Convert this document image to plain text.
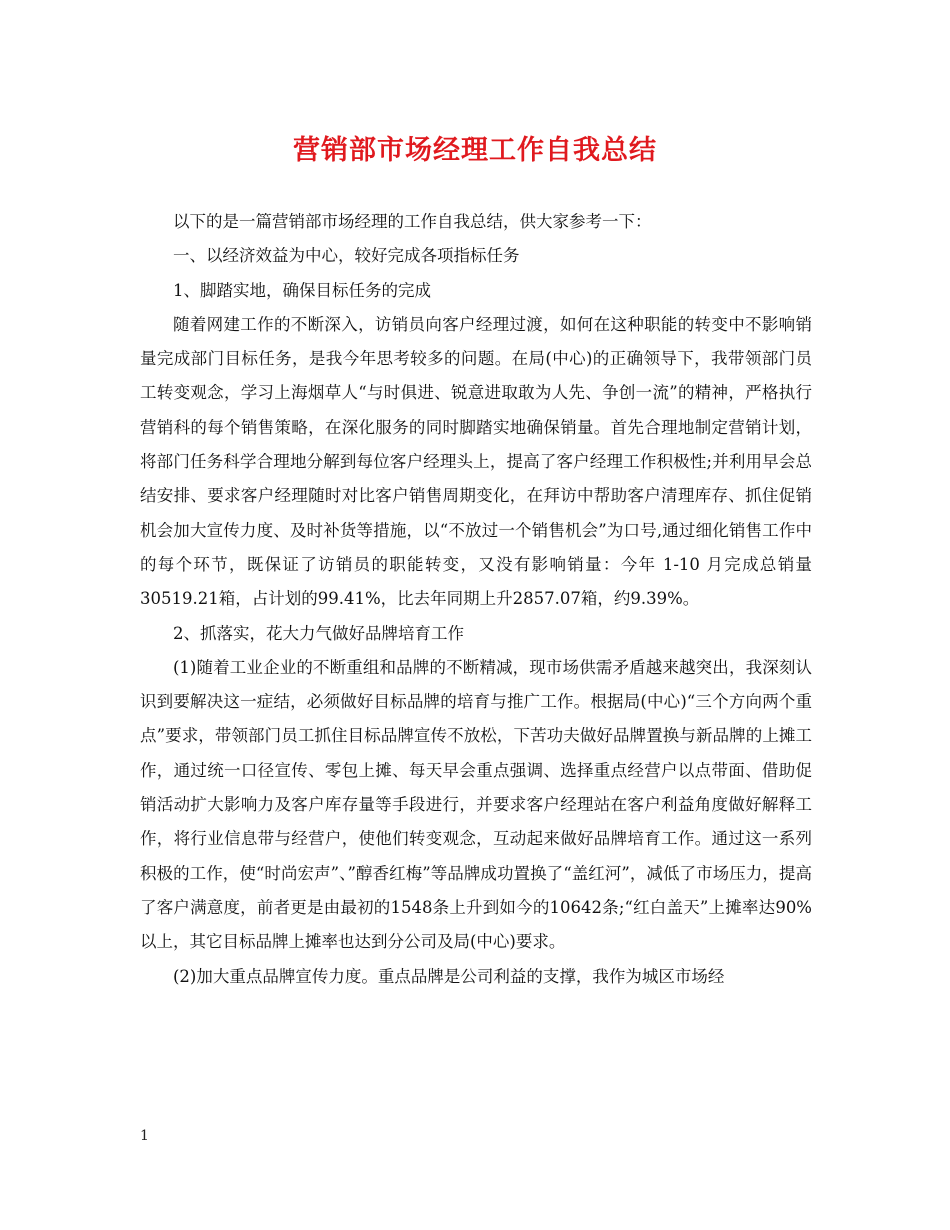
营销部市场经理工作自我总结

以下的是一篇营销部市场经理的工作自我总结，供大家参考一下：

一、以经济效益为中心，较好完成各项指标任务

1、脚踏实地，确保目标任务的完成

随着网建工作的不断深入，访销员向客户经理过渡，如何在这种职能的转变中不影响销量完成部门目标任务，是我今年思考较多的问题。在局(中心)的正确领导下，我带领部门员工转变观念，学习上海烟草人“与时俱进、锐意进取敢为人先、争创一流”的精神，严格执行营销科的每个销售策略，在深化服务的同时脚踏实地确保销量。首先合理地制定营销计划，将部门任务科学合理地分解到每位客户经理头上，提高了客户经理工作积极性;并利用早会总结安排、要求客户经理随时对比客户销售周期变化，在拜访中帮助客户清理库存、抓住促销机会加大宣传力度、及时补货等措施，以“不放过一个销售机会”为口号,通过细化销售工作中的每个环节，既保证了访销员的职能转变，又没有影响销量：今年 1-10 月完成总销量30519.21箱，占计划的99.41%，比去年同期上升2857.07箱，约9.39%。

2、抓落实，花大力气做好品牌培育工作

(1)随着工业企业的不断重组和品牌的不断精减，现市场供需矛盾越来越突出，我深刻认识到要解决这一症结，必须做好目标品牌的培育与推广工作。根据局(中心)“三个方向两个重点”要求，带领部门员工抓住目标品牌宣传不放松，下苦功夫做好品牌置换与新品牌的上摊工作，通过统一口径宣传、零包上摊、每天早会重点强调、选择重点经营户以点带面、借助促销活动扩大影响力及客户库存量等手段进行，并要求客户经理站在客户利益角度做好解释工作，将行业信息带与经营户，使他们转变观念，互动起来做好品牌培育工作。通过这一系列积极的工作，使“时尚宏声”、”醇香红梅”等品牌成功置换了“盖红河”，减低了市场压力，提高了客户满意度，前者更是由最初的1548条上升到如今的10642条;“红白盖天”上摊率达90%以上，其它目标品牌上摊率也达到分公司及局(中心)要求。

(2)加大重点品牌宣传力度。重点品牌是公司利益的支撑，我作为城区市场经

1
